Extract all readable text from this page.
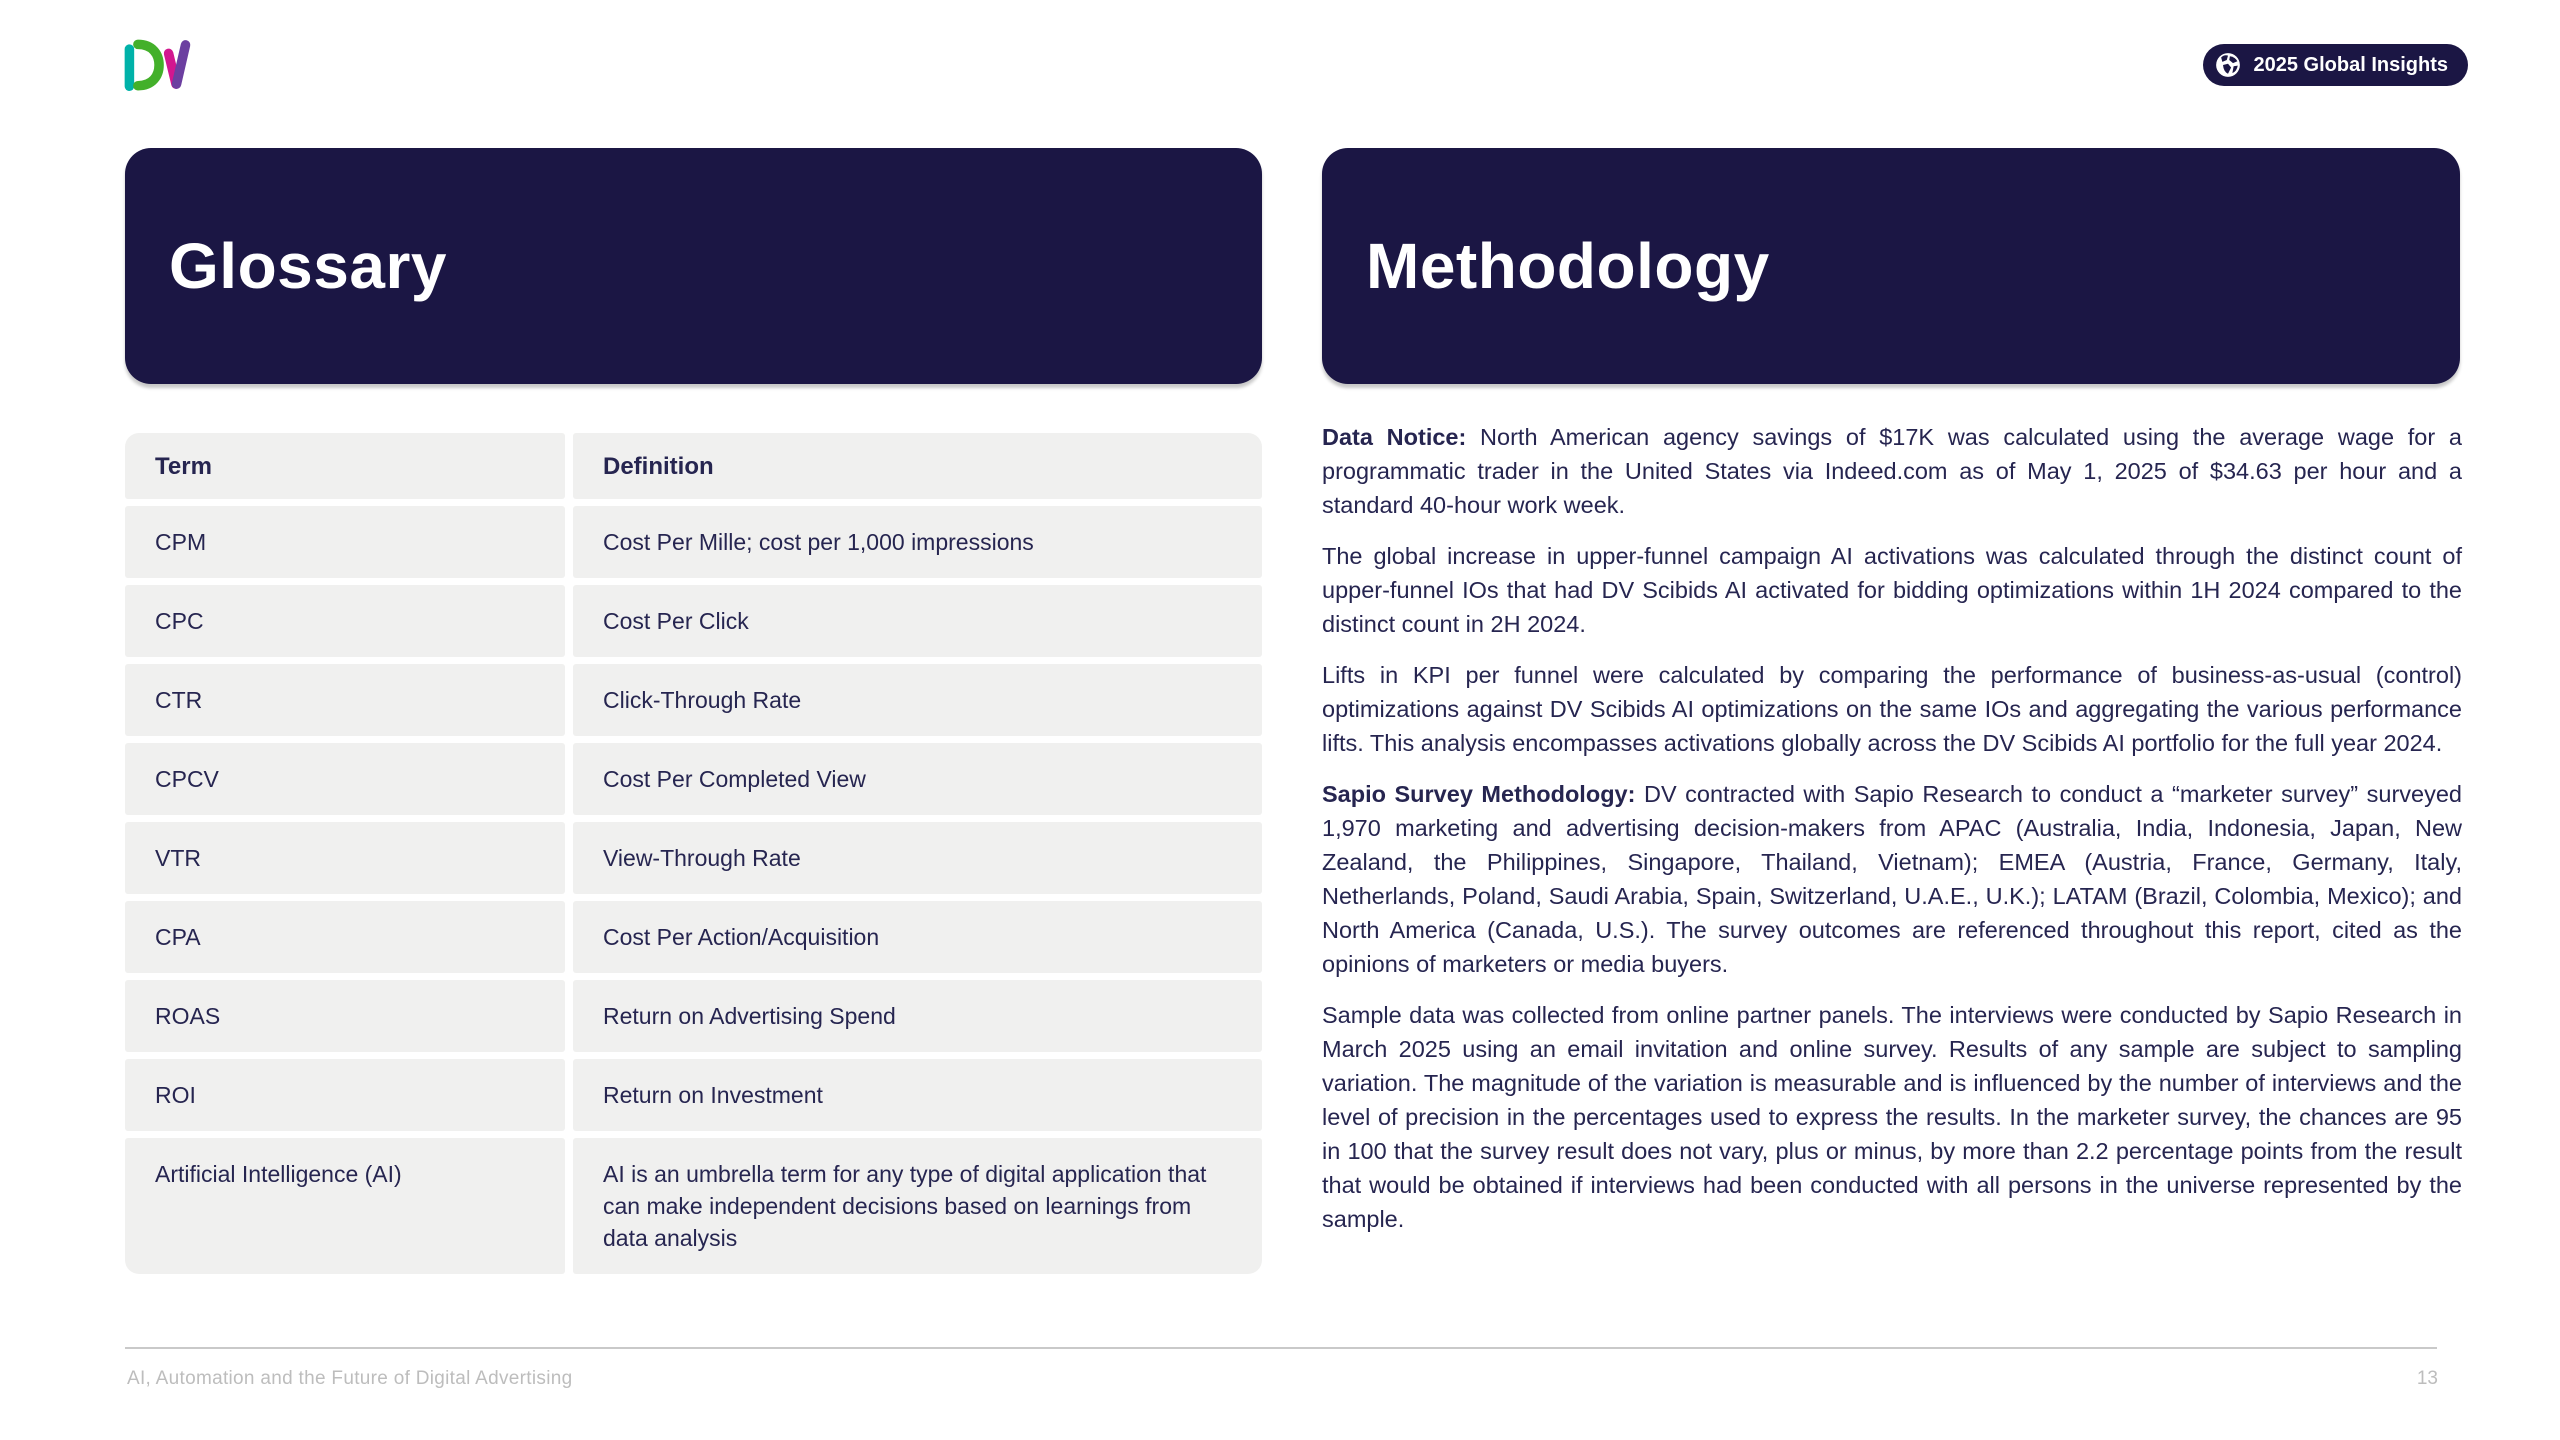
2025 Global Insights
Glossary	Methodology
Term	Definition
CPM	Cost Per Mille; cost per 1,000 impressions
CPC	Cost Per Click
CTR	Click-Through Rate
CPCV	Cost Per Completed View
VTR	View-Through Rate
CPA	Cost Per Action/Acquisition
ROAS	Return on Advertising Spend
ROI	Return on Investment
Artificial Intelligence (AI)	AI is an umbrella term for any type of digital application that can make independent decisions based on learnings from data analysis

Data Notice: North American agency savings of $17K was calculated using the average wage for a programmatic trader in the United States via Indeed.com as of May 1, 2025 of $34.63 per hour and a standard 40-hour work week.

The global increase in upper-funnel campaign AI activations was calculated through the distinct count of upper-funnel IOs that had DV Scibids AI activated for bidding optimizations within 1H 2024 compared to the distinct count in 2H 2024.

Lifts in KPI per funnel were calculated by comparing the performance of business-as-usual (control) optimizations against DV Scibids AI optimizations on the same IOs and aggregating the various performance lifts. This analysis encompasses activations globally across the DV Scibids AI portfolio for the full year 2024.

Sapio Survey Methodology: DV contracted with Sapio Research to conduct a “marketer survey” surveyed 1,970 marketing and advertising decision-makers from APAC (Australia, India, Indonesia, Japan, New Zealand, the Philippines, Singapore, Thailand, Vietnam); EMEA (Austria, France, Germany, Italy, Netherlands, Poland, Saudi Arabia, Spain, Switzerland, U.A.E., U.K.); LATAM (Brazil, Colombia, Mexico); and North America (Canada, U.S.). The survey outcomes are referenced throughout this report, cited as the opinions of marketers or media buyers.

Sample data was collected from online partner panels. The interviews were conducted by Sapio Research in March 2025 using an email invitation and online survey. Results of any sample are subject to sampling variation. The magnitude of the variation is measurable and is influenced by the number of interviews and the level of precision in the percentages used to express the results. In the marketer survey, the chances are 95 in 100 that the survey result does not vary, plus or minus, by more than 2.2 percentage points from the result that would be obtained if interviews had been conducted with all persons in the universe represented by the sample.

AI, Automation and the Future of Digital Advertising	13
